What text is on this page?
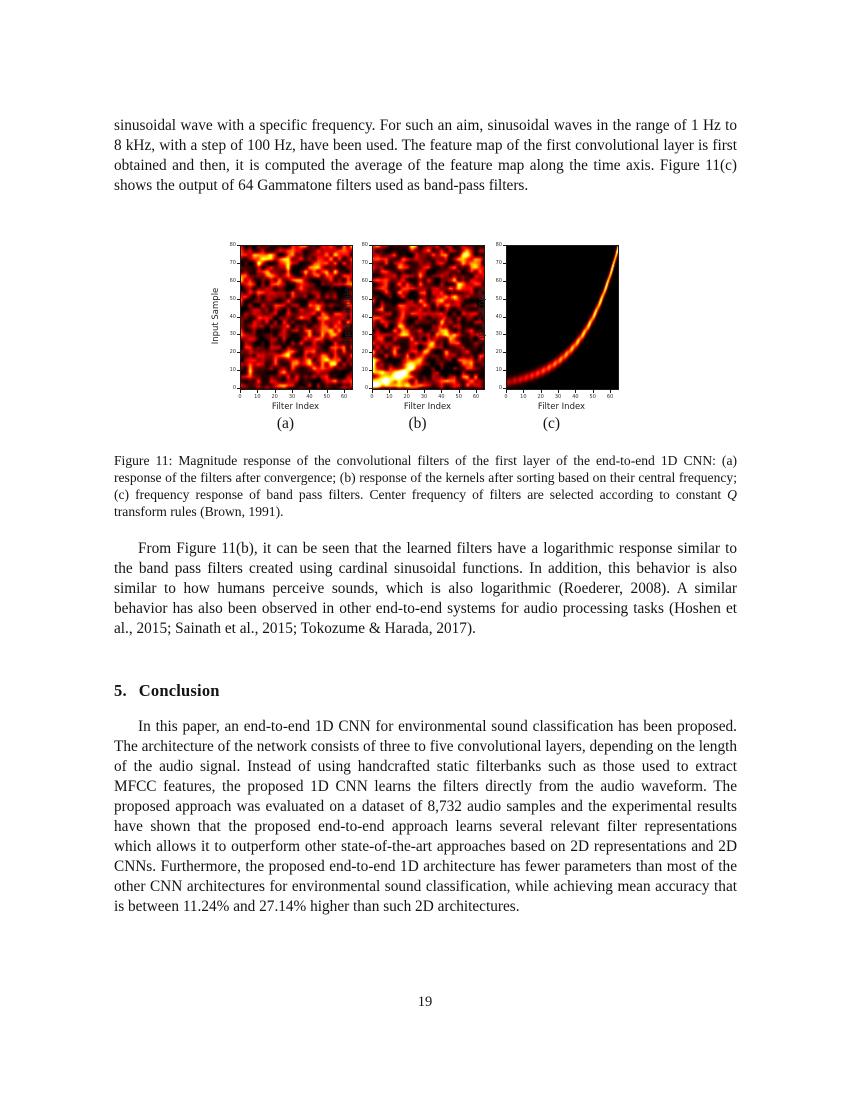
sinusoidal wave with a specific frequency. For such an aim, sinusoidal waves in the range of 1 Hz to 8 kHz, with a step of 100 Hz, have been used. The feature map of the first convolutional layer is first obtained and then, it is computed the average of the feature map along the time axis. Figure 11(c) shows the output of 64 Gammatone filters used as band-pass filters.

Input Sample
0
10
20
30
40
50
60
70
80
0	10	20	30	40	50	60
Filter Index
(a)
Input Sample
0
10
20
30
40
50
60
70
80
0	10	20	30	40	50	60
Filter Index
(b)
Input Sample
0
10
20
30
40
50
60
70
80
0	10	20	30	40	50	60
Filter Index
(c)

Figure 11: Magnitude response of the convolutional filters of the first layer of the end-to-end 1D CNN: (a) response of the filters after convergence; (b) response of the kernels after sorting based on their central frequency; (c) frequency response of band pass filters. Center frequency of filters are selected according to constant Q transform rules (Brown, 1991).

From Figure 11(b), it can be seen that the learned filters have a logarithmic response similar to the band pass filters created using cardinal sinusoidal functions. In addition, this behavior is also similar to how humans perceive sounds, which is also logarithmic (Roederer, 2008). A similar behavior has also been observed in other end-to-end systems for audio processing tasks (Hoshen et al., 2015; Sainath et al., 2015; Tokozume & Harada, 2017).

5. Conclusion

In this paper, an end-to-end 1D CNN for environmental sound classification has been proposed. The architecture of the network consists of three to five convolutional layers, depending on the length of the audio signal. Instead of using handcrafted static filterbanks such as those used to extract MFCC features, the proposed 1D CNN learns the filters directly from the audio waveform. The proposed approach was evaluated on a dataset of 8,732 audio samples and the experimental results have shown that the proposed end-to-end approach learns several relevant filter representations which allows it to outperform other state-of-the-art approaches based on 2D representations and 2D CNNs. Furthermore, the proposed end-to-end 1D architecture has fewer parameters than most of the other CNN architectures for environmental sound classification, while achieving mean accuracy that is between 11.24% and 27.14% higher than such 2D architectures.

19
